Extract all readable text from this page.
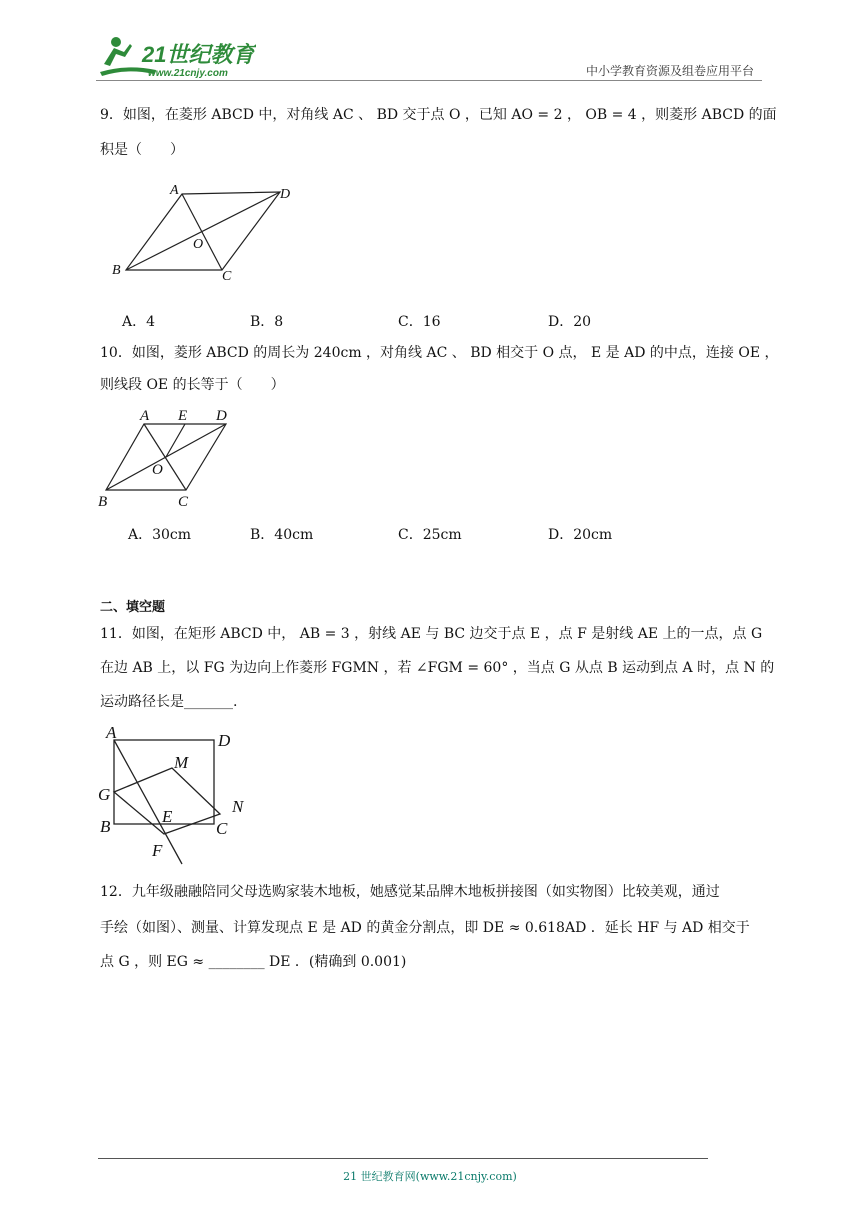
21世纪教育
www.21cnjy.com	中小学教育资源及组卷应用平台
9．如图，在菱形 ABCD 中，对角线 AC 、 BD 交于点 O ，已知 AO = 2 ， OB = 4 ，则菱形 ABCD 的面
积是（　　）
A	D
O
B	C
A．4	B．8	C．16	D．20
10．如图，菱形 ABCD 的周长为 240cm ，对角线 AC 、 BD 相交于 O 点， E 是 AD 的中点，连接 OE ，
则线段 OE 的长等于（　　）
A E D
O
B	C
A．30cm	B．40cm	C．25cm	D．20cm
二、填空题
11．如图，在矩形 ABCD 中， AB = 3 ，射线 AE 与 BC 边交于点 E ，点 F 是射线 AE 上的一点，点 G
在边 AB 上，以 FG 为边向上作菱形 FGMN ，若 ∠FGM = 60° ，当点 G 从点 B 运动到点 A 时，点 N 的
运动路径长是_______.
A	D
M
G
E
N
B	C
F
12．九年级融融陪同父母选购家装木地板，她感觉某品牌木地板拼接图（如实物图）比较美观，通过
手绘（如图）、测量、计算发现点 E 是 AD 的黄金分割点，即 DE ≈ 0.618AD ．延长 HF 与 AD 相交于
点 G ，则 EG ≈ ________ DE ．(精确到 0.001)
21 世纪教育网(www.21cnjy.com)
